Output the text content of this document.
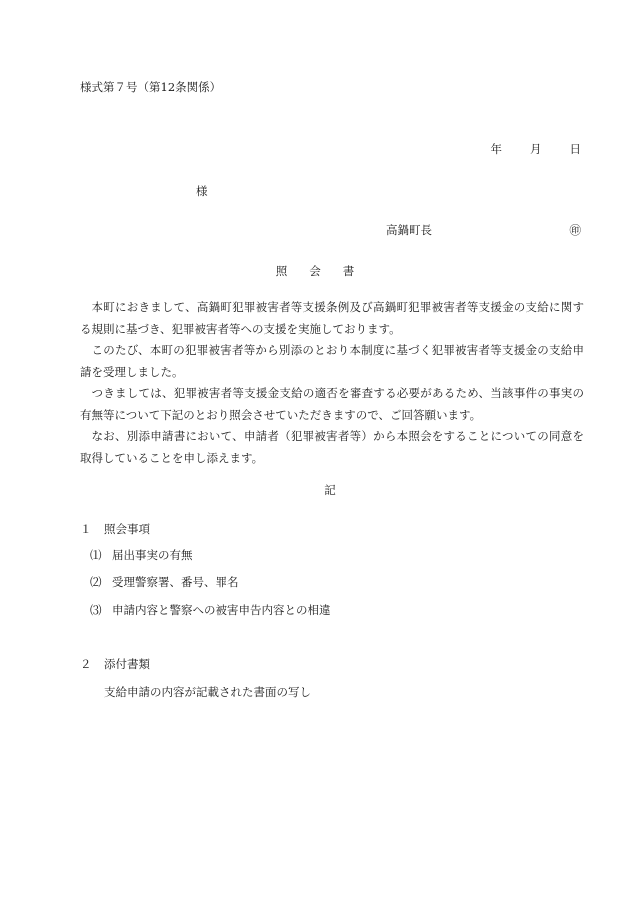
様式第７号（第12条関係）
年 月 日
様
高鍋町長	㊞
照 会 書

本町におきまして、高鍋町犯罪被害者等支援条例及び高鍋町犯罪被害者等支援金の支給に関する規則に基づき、犯罪被害者等への支援を実施しております。

このたび、本町の犯罪被害者等から別添のとおり本制度に基づく犯罪被害者等支援金の支給申請を受理しました。

つきましては、犯罪被害者等支援金支給の適否を審査する必要があるため、当該事件の事実の有無等について下記のとおり照会させていただきますので、ご回答願います。

なお、別添申請書において、申請者（犯罪被害者等）から本照会をすることについての同意を取得していることを申し添えます。

記
１ 照会事項
⑴ 届出事実の有無
⑵ 受理警察署、番号、罪名
⑶ 申請内容と警察への被害申告内容との相違
２ 添付書類
支給申請の内容が記載された書面の写し
